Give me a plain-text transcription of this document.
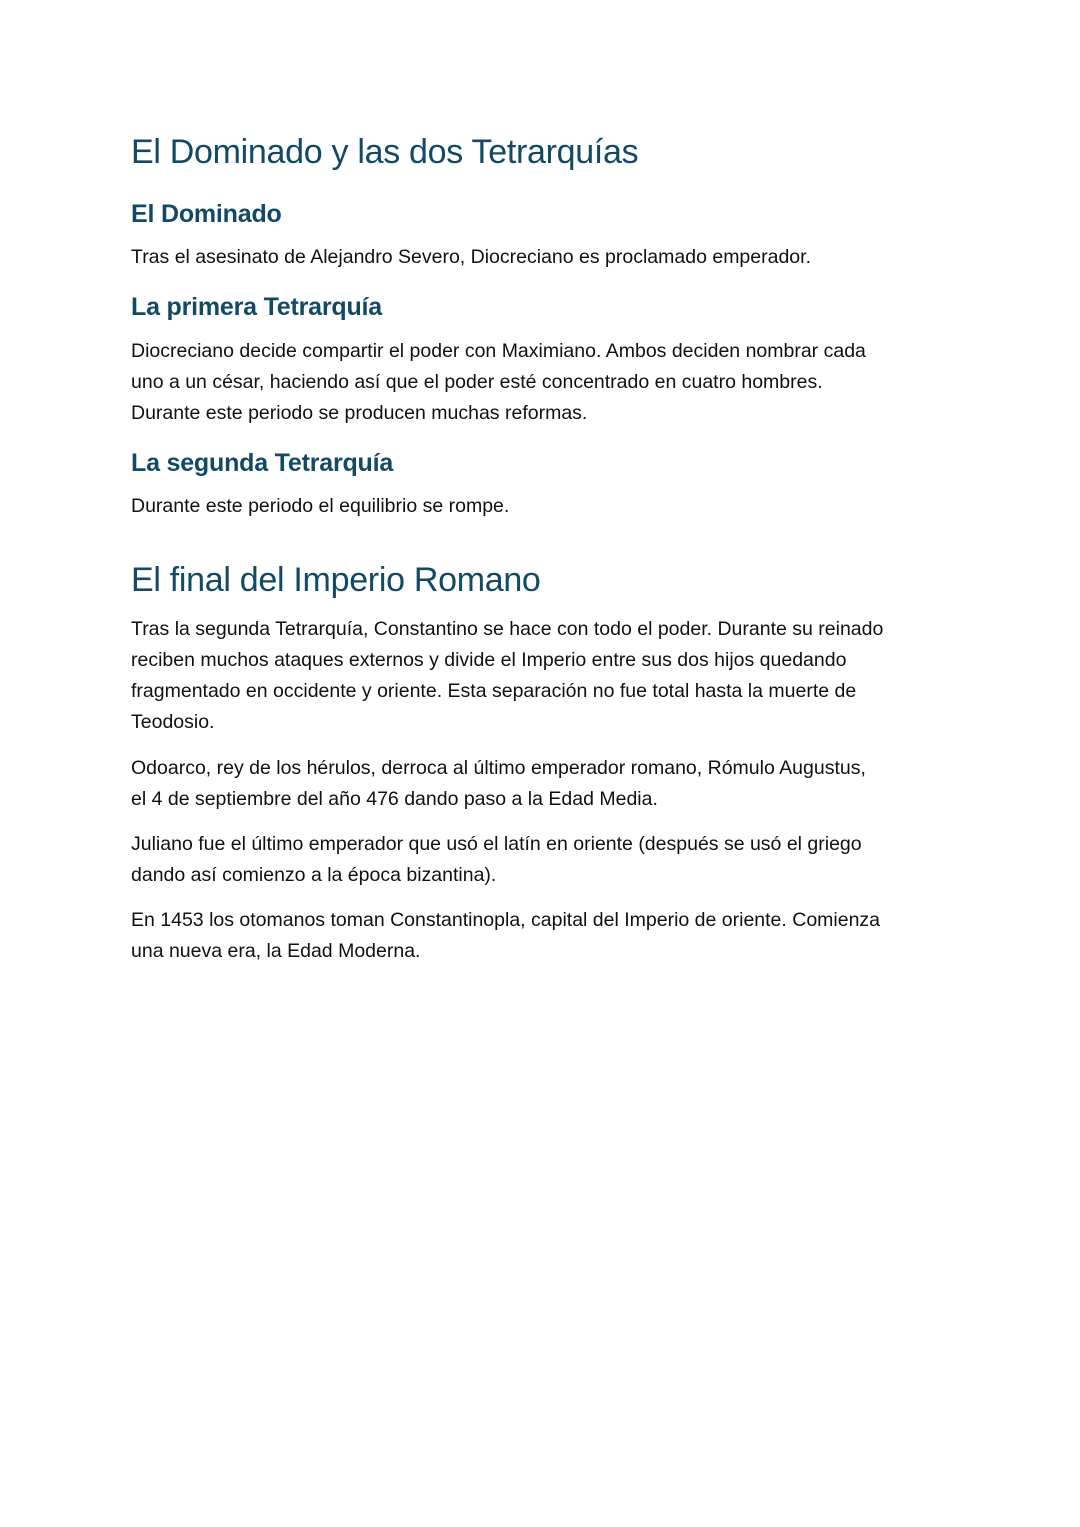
El Dominado y las dos Tetrarquías
El Dominado

Tras el asesinato de Alejandro Severo, Diocreciano es proclamado emperador.

La primera Tetrarquía

Diocreciano decide compartir el poder con Maximiano. Ambos deciden nombrar cada
uno a un césar, haciendo así que el poder esté concentrado en cuatro hombres.
Durante este periodo se producen muchas reformas.

La segunda Tetrarquía

Durante este periodo el equilibrio se rompe.

El final del Imperio Romano

Tras la segunda Tetrarquía, Constantino se hace con todo el poder. Durante su reinado
reciben muchos ataques externos y divide el Imperio entre sus dos hijos quedando
fragmentado en occidente y oriente. Esta separación no fue total hasta la muerte de
Teodosio.

Odoarco, rey de los hérulos, derroca al último emperador romano, Rómulo Augustus,
el 4 de septiembre del año 476 dando paso a la Edad Media.

Juliano fue el último emperador que usó el latín en oriente (después se usó el griego
dando así comienzo a la época bizantina).

En 1453 los otomanos toman Constantinopla, capital del Imperio de oriente. Comienza
una nueva era, la Edad Moderna.
